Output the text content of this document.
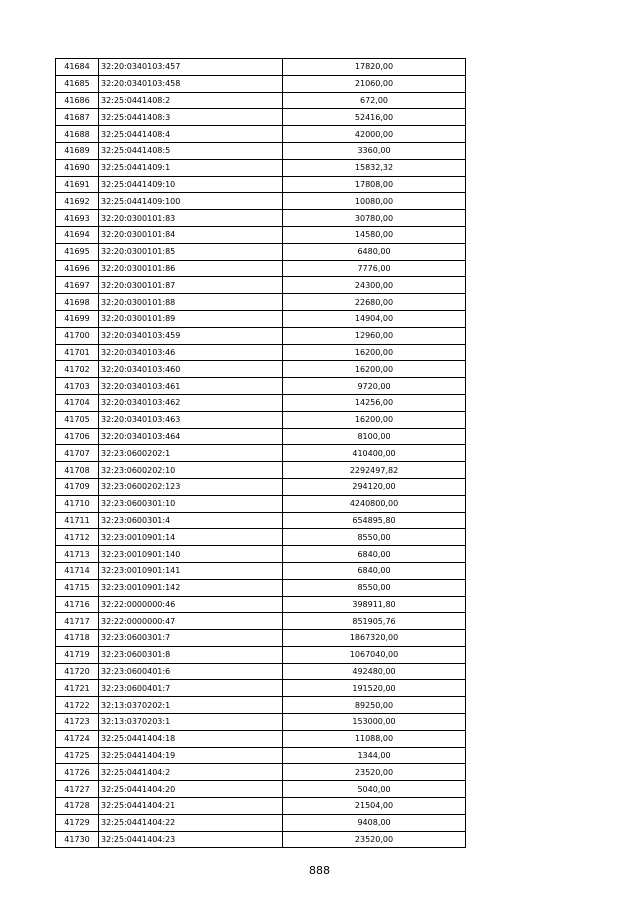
41684	32:20:0340103:457	17820,00
41685	32:20:0340103:458	21060,00
41686	32:25:0441408:2	672,00
41687	32:25:0441408:3	52416,00
41688	32:25:0441408:4	42000,00
41689	32:25:0441408:5	3360,00
41690	32:25:0441409:1	15832,32
41691	32:25:0441409:10	17808,00
41692	32:25:0441409:100	10080,00
41693	32:20:0300101:83	30780,00
41694	32:20:0300101:84	14580,00
41695	32:20:0300101:85	6480,00
41696	32:20:0300101:86	7776,00
41697	32:20:0300101:87	24300,00
41698	32:20:0300101:88	22680,00
41699	32:20:0300101:89	14904,00
41700	32:20:0340103:459	12960,00
41701	32:20:0340103:46	16200,00
41702	32:20:0340103:460	16200,00
41703	32:20:0340103:461	9720,00
41704	32:20:0340103:462	14256,00
41705	32:20:0340103:463	16200,00
41706	32:20:0340103:464	8100,00
41707	32:23:0600202:1	410400,00
41708	32:23:0600202:10	2292497,82
41709	32:23:0600202:123	294120,00
41710	32:23:0600301:10	4240800,00
41711	32:23:0600301:4	654895,80
41712	32:23:0010901:14	8550,00
41713	32:23:0010901:140	6840,00
41714	32:23:0010901:141	6840,00
41715	32:23:0010901:142	8550,00
41716	32:22:0000000:46	398911,80
41717	32:22:0000000:47	851905,76
41718	32:23:0600301:7	1867320,00
41719	32:23:0600301:8	1067040,00
41720	32:23:0600401:6	492480,00
41721	32:23:0600401:7	191520,00
41722	32:13:0370202:1	89250,00
41723	32:13:0370203:1	153000,00
41724	32:25:0441404:18	11088,00
41725	32:25:0441404:19	1344,00
41726	32:25:0441404:2	23520,00
41727	32:25:0441404:20	5040,00
41728	32:25:0441404:21	21504,00
41729	32:25:0441404:22	9408,00
41730	32:25:0441404:23	23520,00
888
